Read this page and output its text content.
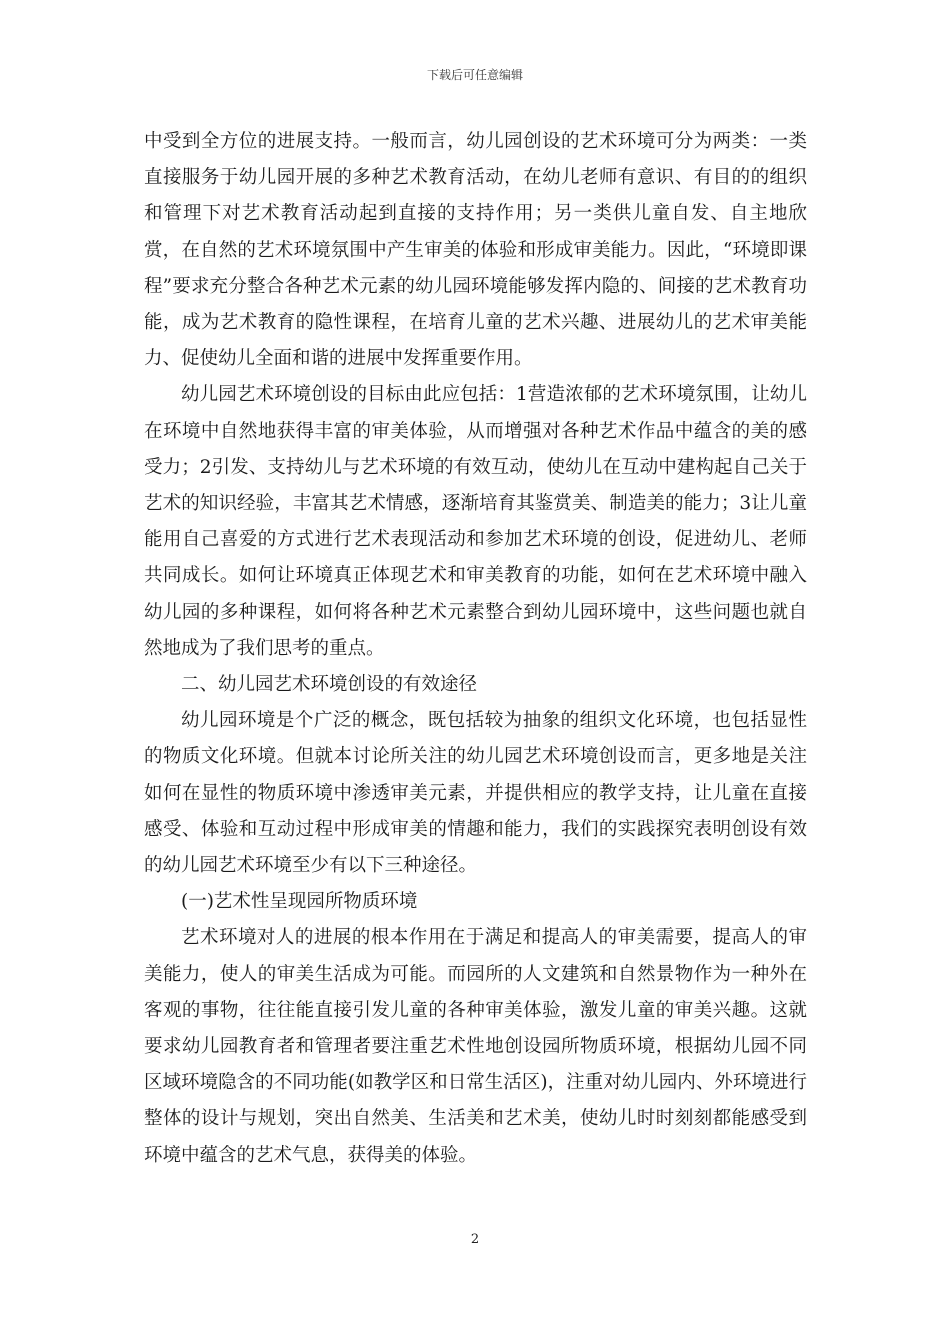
下载后可任意编辑

中受到全方位的进展支持。一般而言，幼儿园创设的艺术环境可分为两类：一类直接服务于幼儿园开展的多种艺术教育活动，在幼儿老师有意识、有目的的组织和管理下对艺术教育活动起到直接的支持作用；另一类供儿童自发、自主地欣赏，在自然的艺术环境氛围中产生审美的体验和形成审美能力。因此，“环境即课程”要求充分整合各种艺术元素的幼儿园环境能够发挥内隐的、间接的艺术教育功能，成为艺术教育的隐性课程，在培育儿童的艺术兴趣、进展幼儿的艺术审美能力、促使幼儿全面和谐的进展中发挥重要作用。

幼儿园艺术环境创设的目标由此应包括：1营造浓郁的艺术环境氛围，让幼儿在环境中自然地获得丰富的审美体验，从而增强对各种艺术作品中蕴含的美的感受力；2引发、支持幼儿与艺术环境的有效互动，使幼儿在互动中建构起自己关于艺术的知识经验，丰富其艺术情感，逐渐培育其鉴赏美、制造美的能力；3让儿童能用自己喜爱的方式进行艺术表现活动和参加艺术环境的创设，促进幼儿、老师共同成长。如何让环境真正体现艺术和审美教育的功能，如何在艺术环境中融入幼儿园的多种课程，如何将各种艺术元素整合到幼儿园环境中，这些问题也就自然地成为了我们思考的重点。

二、幼儿园艺术环境创设的有效途径

幼儿园环境是个广泛的概念，既包括较为抽象的组织文化环境，也包括显性的物质文化环境。但就本讨论所关注的幼儿园艺术环境创设而言，更多地是关注如何在显性的物质环境中渗透审美元素，并提供相应的教学支持，让儿童在直接感受、体验和互动过程中形成审美的情趣和能力，我们的实践探究表明创设有效的幼儿园艺术环境至少有以下三种途径。

(一)艺术性呈现园所物质环境

艺术环境对人的进展的根本作用在于满足和提高人的审美需要，提高人的审美能力，使人的审美生活成为可能。而园所的人文建筑和自然景物作为一种外在客观的事物，往往能直接引发儿童的各种审美体验，激发儿童的审美兴趣。这就要求幼儿园教育者和管理者要注重艺术性地创设园所物质环境，根据幼儿园不同区域环境隐含的不同功能(如教学区和日常生活区)，注重对幼儿园内、外环境进行整体的设计与规划，突出自然美、生活美和艺术美，使幼儿时时刻刻都能感受到环境中蕴含的艺术气息，获得美的体验。

2
